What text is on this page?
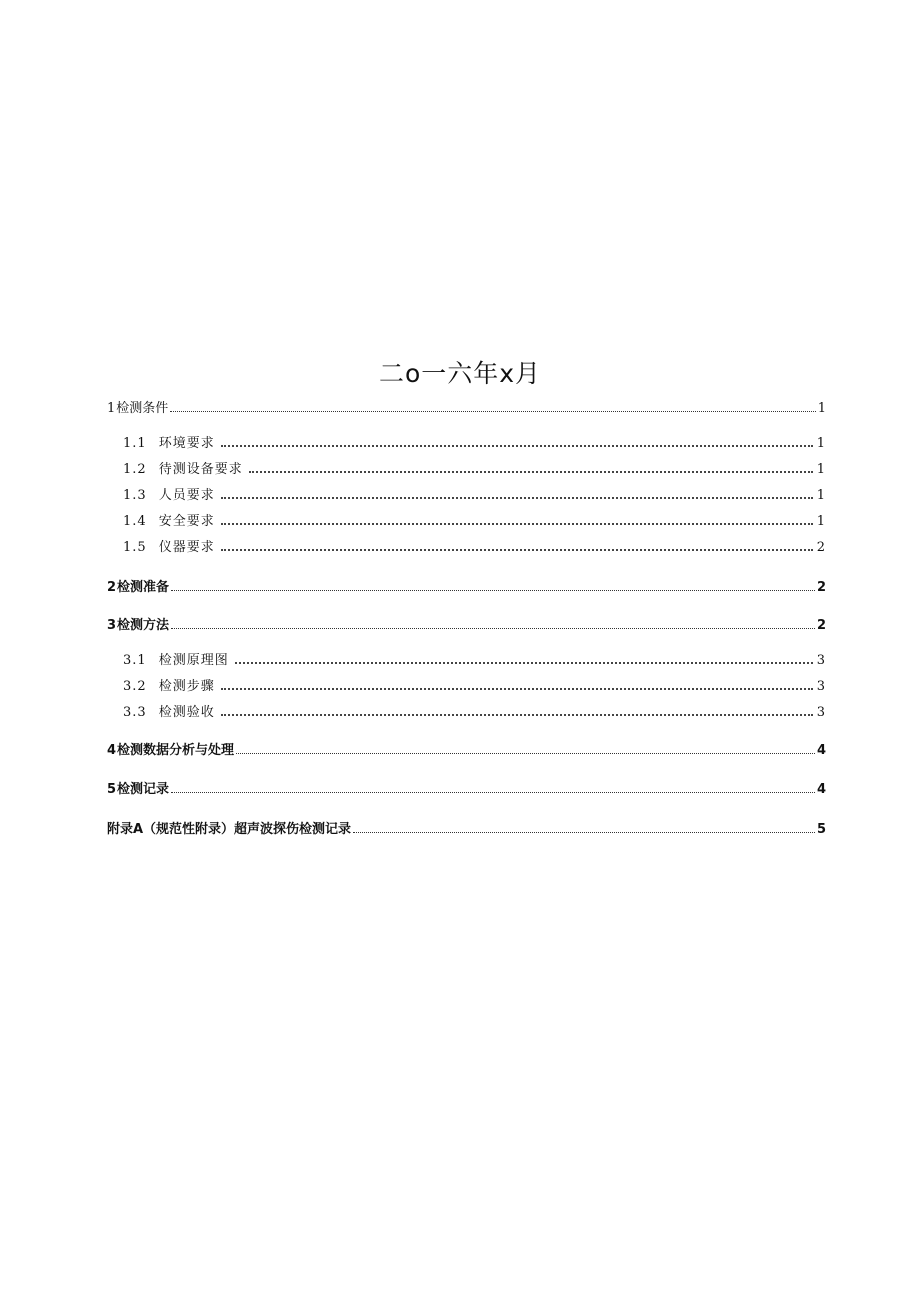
二o一六年x月
1检测条件	1
1.1 环境要求	1
1.2 待测设备要求	1
1.3 人员要求	1
1.4 安全要求	1
1.5 仪器要求	2
2检测准备	2
3检测方法	2
3.1 检测原理图	3
3.2 检测步骤	3
3.3 检测验收	3
4检测数据分析与处理	4
5检测记录	4
附录A（规范性附录）超声波探伤检测记录	5
